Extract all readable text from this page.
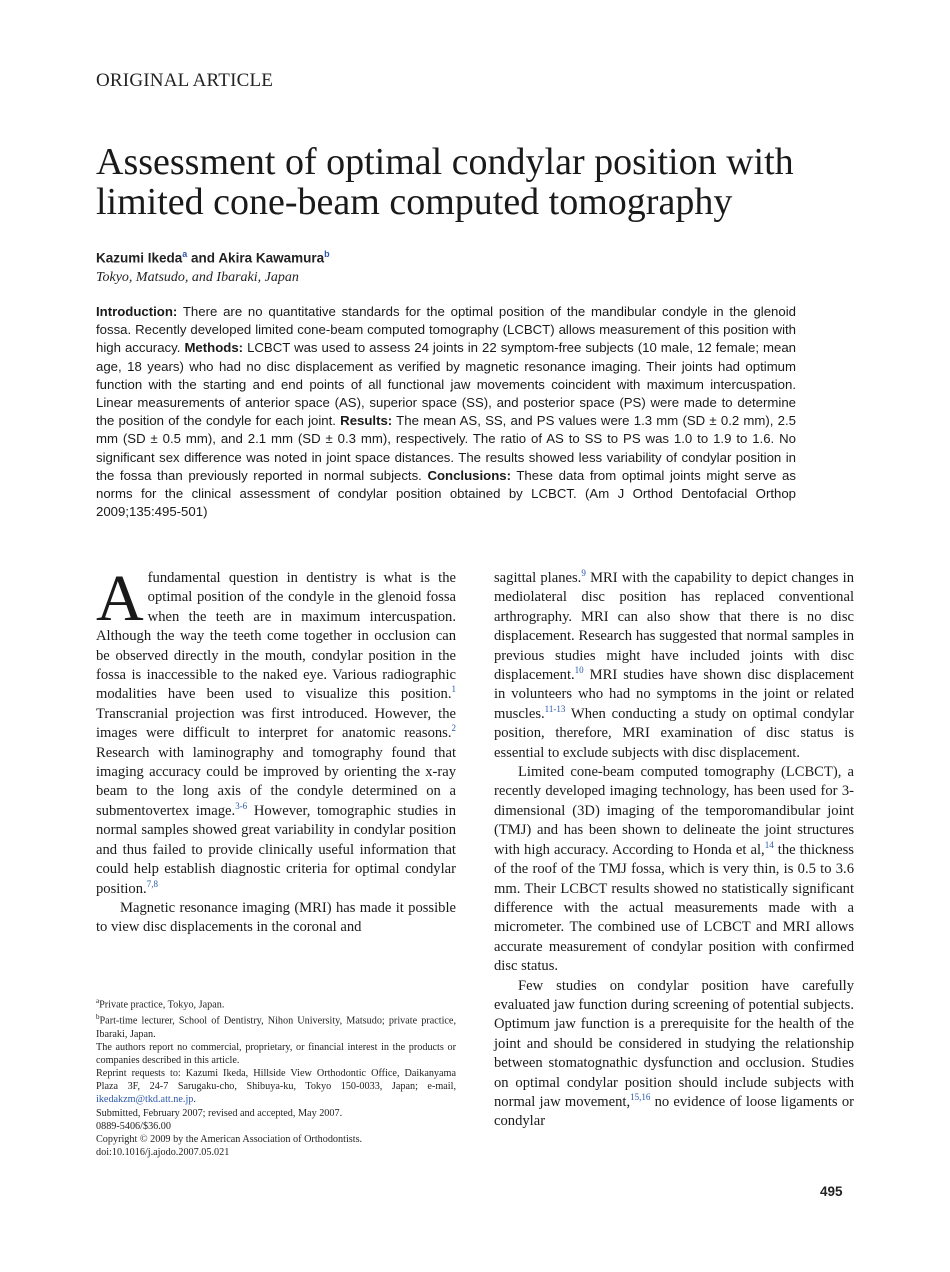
ORIGINAL ARTICLE
Assessment of optimal condylar position with
limited cone-beam computed tomography
Kazumi Ikeda$^a$ and Akira Kawamura$^b$
Tokyo, Matsudo, and Ibaraki, Japan
Introduction: There are no quantitative standards for the optimal position of the mandibular condyle in the glenoid fossa. Recently developed limited cone-beam computed tomography (LCBCT) allows measurement of this position with high accuracy. Methods: LCBCT was used to assess 24 joints in 22 symptom-free subjects (10 male, 12 female; mean age, 18 years) who had no disc displacement as verified by magnetic resonance imaging. Their joints had optimum function with the starting and end points of all functional jaw movements coincident with maximum intercuspation. Linear measurements of anterior space (AS), superior space (SS), and posterior space (PS) were made to determine the position of the condyle for each joint. Results: The mean AS, SS, and PS values were 1.3 mm (SD ± 0.2 mm), 2.5 mm (SD ± 0.5 mm), and 2.1 mm (SD ± 0.3 mm), respectively. The ratio of AS to SS to PS was 1.0 to 1.9 to 1.6. No significant sex difference was noted in joint space distances. The results showed less variability of condylar position in the fossa than previously reported in normal subjects. Conclusions: These data from optimal joints might serve as norms for the clinical assessment of condylar position obtained by LCBCT. (Am J Orthod Dentofacial Orthop 2009;135:495-501)

Afundamental question in dentistry is what is the optimal position of the condyle in the glenoid fossa when the teeth are in maximum intercuspation. Although the way the teeth come together in occlusion can be observed directly in the mouth, condylar position in the fossa is inaccessible to the naked eye. Various radiographic modalities have been used to visualize this position.$^1$ Transcranial projection was first introduced. However, the images were difficult to interpret for anatomic reasons.$^2$ Research with laminography and tomography found that imaging accuracy could be improved by orienting the x-ray beam to the long axis of the condyle determined on a submentovertex image.$^{3-6}$ However, tomographic studies in normal samples showed great variability in condylar position and thus failed to provide clinically useful information that could help establish diagnostic criteria for optimal condylar position.$^{7,8}$

Magnetic resonance imaging (MRI) has made it possible to view disc displacements in the coronal and

$^a$Private practice, Tokyo, Japan.

$^b$Part-time lecturer, School of Dentistry, Nihon University, Matsudo; private practice, Ibaraki, Japan.

The authors report no commercial, proprietary, or financial interest in the products or companies described in this article.

Reprint requests to: Kazumi Ikeda, Hillside View Orthodontic Office, Daikanyama Plaza 3F, 24-7 Sarugaku-cho, Shibuya-ku, Tokyo 150-0033, Japan; e-mail, ikedakzm@tkd.att.ne.jp.

Submitted, February 2007; revised and accepted, May 2007.

0889-5406/$36.00

Copyright © 2009 by the American Association of Orthodontists.

doi:10.1016/j.ajodo.2007.05.021

sagittal planes.$^9$ MRI with the capability to depict changes in mediolateral disc position has replaced conventional arthrography. MRI can also show that there is no disc displacement. Research has suggested that normal samples in previous studies might have included joints with disc displacement.$^{10}$ MRI studies have shown disc displacement in volunteers who had no symptoms in the joint or related muscles.$^{11-13}$ When conducting a study on optimal condylar position, therefore, MRI examination of disc status is essential to exclude subjects with disc displacement.

Limited cone-beam computed tomography (LCBCT), a recently developed imaging technology, has been used for 3-dimensional (3D) imaging of the temporomandibular joint (TMJ) and has been shown to delineate the joint structures with high accuracy. According to Honda et al,$^{14}$ the thickness of the roof of the TMJ fossa, which is very thin, is 0.5 to 3.6 mm. Their LCBCT results showed no statistically significant difference with the actual measurements made with a micrometer. The combined use of LCBCT and MRI allows accurate measurement of condylar position with confirmed disc status.

Few studies on condylar position have carefully evaluated jaw function during screening of potential subjects. Optimum jaw function is a prerequisite for the health of the joint and should be considered in studying the relationship between stomatognathic dysfunction and occlusion. Studies on optimal condylar position should include subjects with normal jaw movement,$^{15,16}$ no evidence of loose ligaments or condylar

495
